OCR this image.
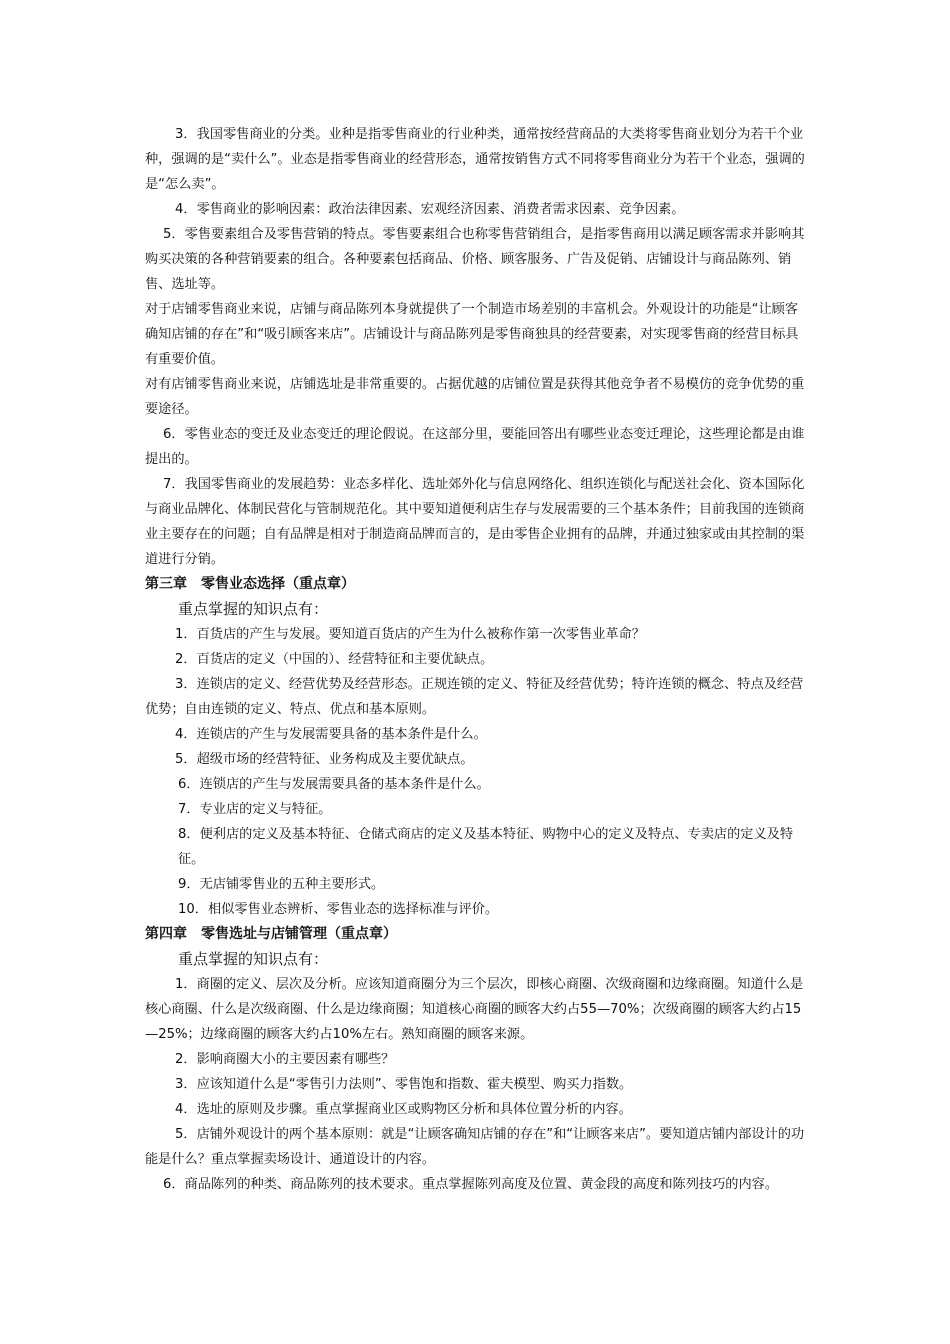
3．我国零售商业的分类。业种是指零售商业的行业种类，通常按经营商品的大类将零售商业划分为若干个业种，强调的是“卖什么”。业态是指零售商业的经营形态，通常按销售方式不同将零售商业分为若干个业态，强调的是“怎么卖”。

4．零售商业的影响因素：政治法律因素、宏观经济因素、消费者需求因素、竞争因素。

5．零售要素组合及零售营销的特点。零售要素组合也称零售营销组合，是指零售商用以满足顾客需求并影响其购买决策的各种营销要素的组合。各种要素包括商品、价格、顾客服务、广告及促销、店铺设计与商品陈列、销售、选址等。

对于店铺零售商业来说，店铺与商品陈列本身就提供了一个制造市场差别的丰富机会。外观设计的功能是“让顾客确知店铺的存在”和“吸引顾客来店”。店铺设计与商品陈列是零售商独具的经营要素，对实现零售商的经营目标具有重要价值。

对有店铺零售商业来说，店铺选址是非常重要的。占据优越的店铺位置是获得其他竞争者不易模仿的竞争优势的重要途径。

6．零售业态的变迁及业态变迁的理论假说。在这部分里，要能回答出有哪些业态变迁理论，这些理论都是由谁提出的。

7．我国零售商业的发展趋势：业态多样化、选址郊外化与信息网络化、组织连锁化与配送社会化、资本国际化与商业品牌化、体制民营化与管制规范化。其中要知道便利店生存与发展需要的三个基本条件；目前我国的连锁商业主要存在的问题；自有品牌是相对于制造商品牌而言的，是由零售企业拥有的品牌，并通过独家或由其控制的渠道进行分销。

第三章　零售业态选择（重点章）

重点掌握的知识点有：

1．百货店的产生与发展。要知道百货店的产生为什么被称作第一次零售业革命？

2．百货店的定义（中国的）、经营特征和主要优缺点。

3．连锁店的定义、经营优势及经营形态。正规连锁的定义、特征及经营优势；特许连锁的概念、特点及经营优势；自由连锁的定义、特点、优点和基本原则。

4．连锁店的产生与发展需要具备的基本条件是什么。

5．超级市场的经营特征、业务构成及主要优缺点。

6．连锁店的产生与发展需要具备的基本条件是什么。

7．专业店的定义与特征。

8．便利店的定义及基本特征、仓储式商店的定义及基本特征、购物中心的定义及特点、专卖店的定义及特征。

9．无店铺零售业的五种主要形式。

10．相似零售业态辨析、零售业态的选择标准与评价。

第四章　零售选址与店铺管理（重点章）

重点掌握的知识点有：

1．商圈的定义、层次及分析。应该知道商圈分为三个层次，即核心商圈、次级商圈和边缘商圈。知道什么是核心商圈、什么是次级商圈、什么是边缘商圈；知道核心商圈的顾客大约占55—70%；次级商圈的顾客大约占15—25%；边缘商圈的顾客大约占10%左右。熟知商圈的顾客来源。

2．影响商圈大小的主要因素有哪些？

3．应该知道什么是“零售引力法则”、零售饱和指数、霍夫模型、购买力指数。

4．选址的原则及步骤。重点掌握商业区或购物区分析和具体位置分析的内容。

5．店铺外观设计的两个基本原则：就是“让顾客确知店铺的存在”和“让顾客来店”。要知道店铺内部设计的功能是什么？重点掌握卖场设计、通道设计的内容。

6．商品陈列的种类、商品陈列的技术要求。重点掌握陈列高度及位置、黄金段的高度和陈列技巧的内容。
